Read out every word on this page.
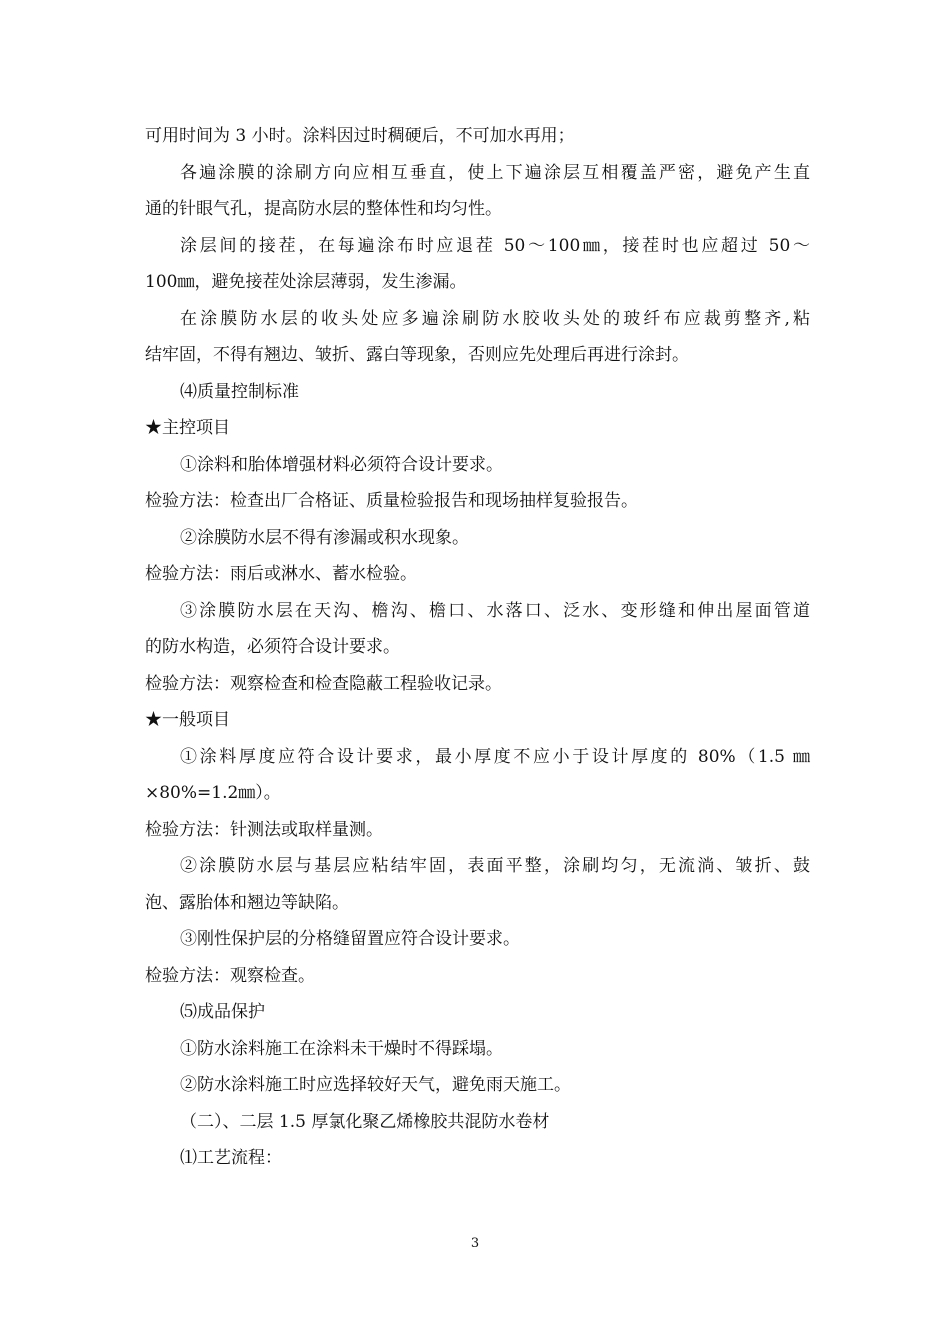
可用时间为 3 小时。涂料因过时稠硬后，不可加水再用；
各遍涂膜的涂刷方向应相互垂直，使上下遍涂层互相覆盖严密，避免产生直
通的针眼气孔，提高防水层的整体性和均匀性。
涂层间的接茬，在每遍涂布时应退茬 50～100㎜，接茬时也应超过 50～
100㎜，避免接茬处涂层薄弱，发生渗漏。
在涂膜防水层的收头处应多遍涂刷防水胶收头处的玻纤布应裁剪整齐,粘
结牢固，不得有翘边、皱折、露白等现象，否则应先处理后再进行涂封。
⑷质量控制标准
★主控项目
①涂料和胎体增强材料必须符合设计要求。
检验方法：检查出厂合格证、质量检验报告和现场抽样复验报告。
②涂膜防水层不得有渗漏或积水现象。
检验方法：雨后或淋水、蓄水检验。
③涂膜防水层在天沟、檐沟、檐口、水落口、泛水、变形缝和伸出屋面管道
的防水构造，必须符合设计要求。
检验方法：观察检查和检查隐蔽工程验收记录。
★一般项目
①涂料厚度应符合设计要求，最小厚度不应小于设计厚度的 80%（1.5 ㎜
×80%=1.2㎜）。
检验方法：针测法或取样量测。
②涂膜防水层与基层应粘结牢固，表面平整，涂刷均匀，无流淌、皱折、鼓
泡、露胎体和翘边等缺陷。
③刚性保护层的分格缝留置应符合设计要求。
检验方法：观察检查。
⑸成品保护
①防水涂料施工在涂料未干燥时不得踩塌。
②防水涂料施工时应选择较好天气，避免雨天施工。
（二）、二层 1.5 厚氯化聚乙烯橡胶共混防水卷材
⑴工艺流程：
3
